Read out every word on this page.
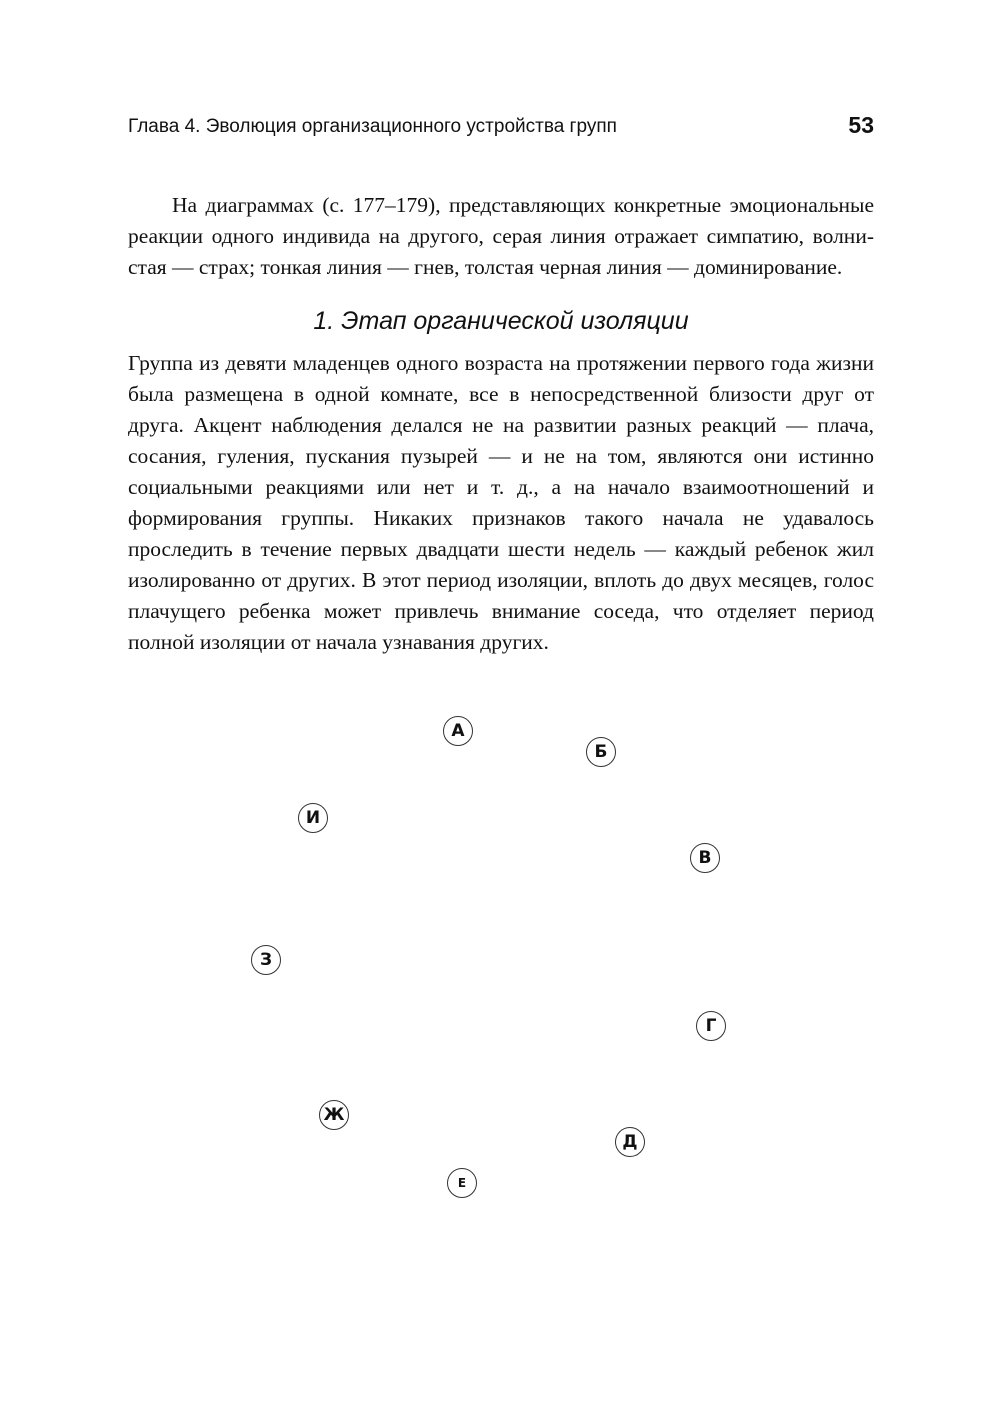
Глава 4. Эволюция организационного устройства групп	53

На диаграммах (с. 177–179), представляющих конкретные эмоциональные реакции одного индивида на другого, серая линия отражает симпатию, волнистая — страх; тонкая линия — гнев, толстая черная линия — доминирование.

1. Этап органической изоляции

Группа из девяти младенцев одного возраста на протяжении первого года жизни была размещена в одной комнате, все в непосредственной близости друг от друга. Акцент наблюдения делался не на развитии разных реакций — плача, сосания, гуления, пускания пузырей — и не на том, являются они истинно социальными реакциями или нет и т. д., а на начало взаимоотношений и формирования группы. Никаких признаков такого начала не удавалось проследить в течение первых двадцати шести недель — каждый ребенок жил изолированно от других. В этот период изоляции, вплоть до двух месяцев, голос плачущего ребенка может привлечь внимание соседа, что отделяет период полной изоляции от начала узнавания других.

А
Б
В
Г
Д
Е
Ж
З
И
